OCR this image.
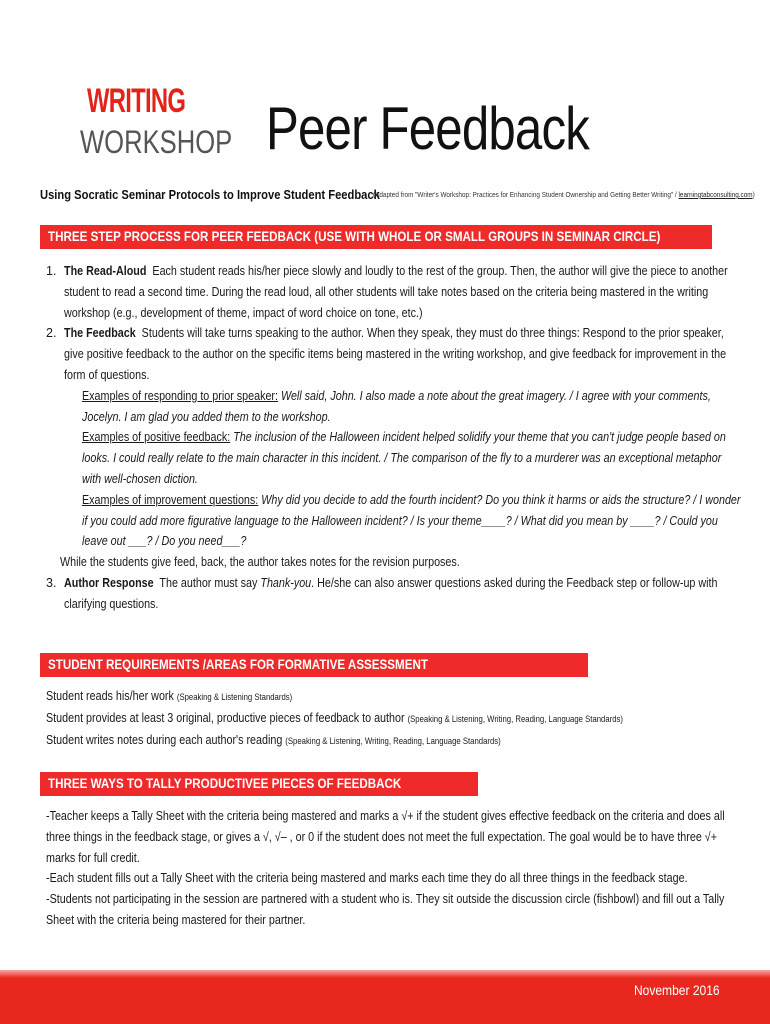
WRITING
WORKSHOP Peer Feedback
Using Socratic Seminar Protocols to Improve Student Feedback
(Adapted from "Writer's Workshop: Practices for Enhancing Student Ownership and Getting Better Writing" / learningtabconsulting.com)
THREE STEP PROCESS FOR PEER FEEDBACK (USE WITH WHOLE OR SMALL GROUPS IN SEMINAR CIRCLE)
1. The Read-Aloud Each student reads his/her piece slowly and loudly to the rest of the group. Then, the author will give the piece to another
student to read a second time. During the read loud, all other students will take notes based on the criteria being mastered in the writing
workshop (e.g., development of theme, impact of word choice on tone, etc.)
2. The Feedback Students will take turns speaking to the author. When they speak, they must do three things: Respond to the prior speaker,
give positive feedback to the author on the specific items being mastered in the writing workshop, and give feedback for improvement in the
form of questions.
Examples of responding to prior speaker: Well said, John. I also made a note about the great imagery. / I agree with your comments,
Jocelyn. I am glad you added them to the workshop.
Examples of positive feedback: The inclusion of the Halloween incident helped solidify your theme that you can't judge people based on
looks. I could really relate to the main character in this incident. / The comparison of the fly to a murderer was an exceptional metaphor
with well-chosen diction.
Examples of improvement questions: Why did you decide to add the fourth incident? Do you think it harms or aids the structure? / I wonder
if you could add more figurative language to the Halloween incident? / Is your theme____? / What did you mean by ____? / Could you
leave out ___? / Do you need___?
While the students give feed, back, the author takes notes for the revision purposes.
3. Author Response The author must say Thank-you. He/she can also answer questions asked during the Feedback step or follow-up with
clarifying questions.
STUDENT REQUIREMENTS /AREAS FOR FORMATIVE ASSESSMENT
Student reads his/her work (Speaking & Listening Standards)
Student provides at least 3 original, productive pieces of feedback to author (Speaking & Listening, Writing, Reading, Language Standards)
Student writes notes during each author's reading (Speaking & Listening, Writing, Reading, Language Standards)
THREE WAYS TO TALLY PRODUCTIVEE PIECES OF FEEDBACK
-Teacher keeps a Tally Sheet with the criteria being mastered and marks a √+ if the student gives effective feedback on the criteria and does all
three things in the feedback stage, or gives a √, √– , or 0 if the student does not meet the full expectation. The goal would be to have three √+
marks for full credit.
-Each student fills out a Tally Sheet with the criteria being mastered and marks each time they do all three things in the feedback stage.
-Students not participating in the session are partnered with a student who is. They sit outside the discussion circle (fishbowl) and fill out a Tally
Sheet with the criteria being mastered for their partner.
November 2016
